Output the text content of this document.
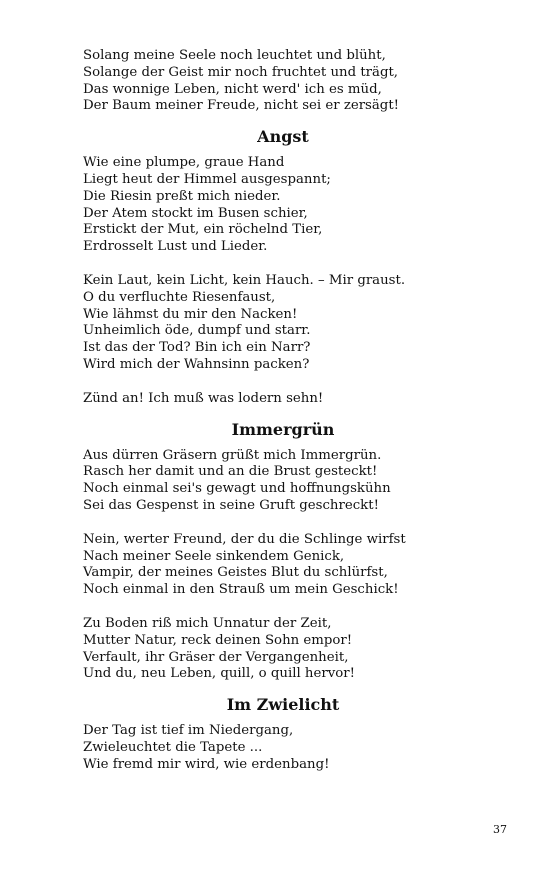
Solang meine Seele noch leuchtet und blüht,
Solange der Geist mir noch fruchtet und trägt,
Das wonnige Leben, nicht werd' ich es müd,
Der Baum meiner Freude, nicht sei er zersägt!
Angst
Wie eine plumpe, graue Hand
Liegt heut der Himmel ausgespannt;
Die Riesin preßt mich nieder.
Der Atem stockt im Busen schier,
Erstickt der Mut, ein röchelnd Tier,
Erdrosselt Lust und Lieder.
Kein Laut, kein Licht, kein Hauch. – Mir graust.
O du verfluchte Riesenfaust,
Wie lähmst du mir den Nacken!
Unheimlich öde, dumpf und starr.
Ist das der Tod? Bin ich ein Narr?
Wird mich der Wahnsinn packen?
Zünd an! Ich muß was lodern sehn!
Immergrün
Aus dürren Gräsern grüßt mich Immergrün.
Rasch her damit und an die Brust gesteckt!
Noch einmal sei's gewagt und hoffnungskühn
Sei das Gespenst in seine Gruft geschreckt!
Nein, werter Freund, der du die Schlinge wirfst
Nach meiner Seele sinkendem Genick,
Vampir, der meines Geistes Blut du schlürfst,
Noch einmal in den Strauß um mein Geschick!
Zu Boden riß mich Unnatur der Zeit,
Mutter Natur, reck deinen Sohn empor!
Verfault, ihr Gräser der Vergangenheit,
Und du, neu Leben, quill, o quill hervor!
Im Zwielicht
Der Tag ist tief im Niedergang,
Zwieleuchtet die Tapete ...
Wie fremd mir wird, wie erdenbang!
37
